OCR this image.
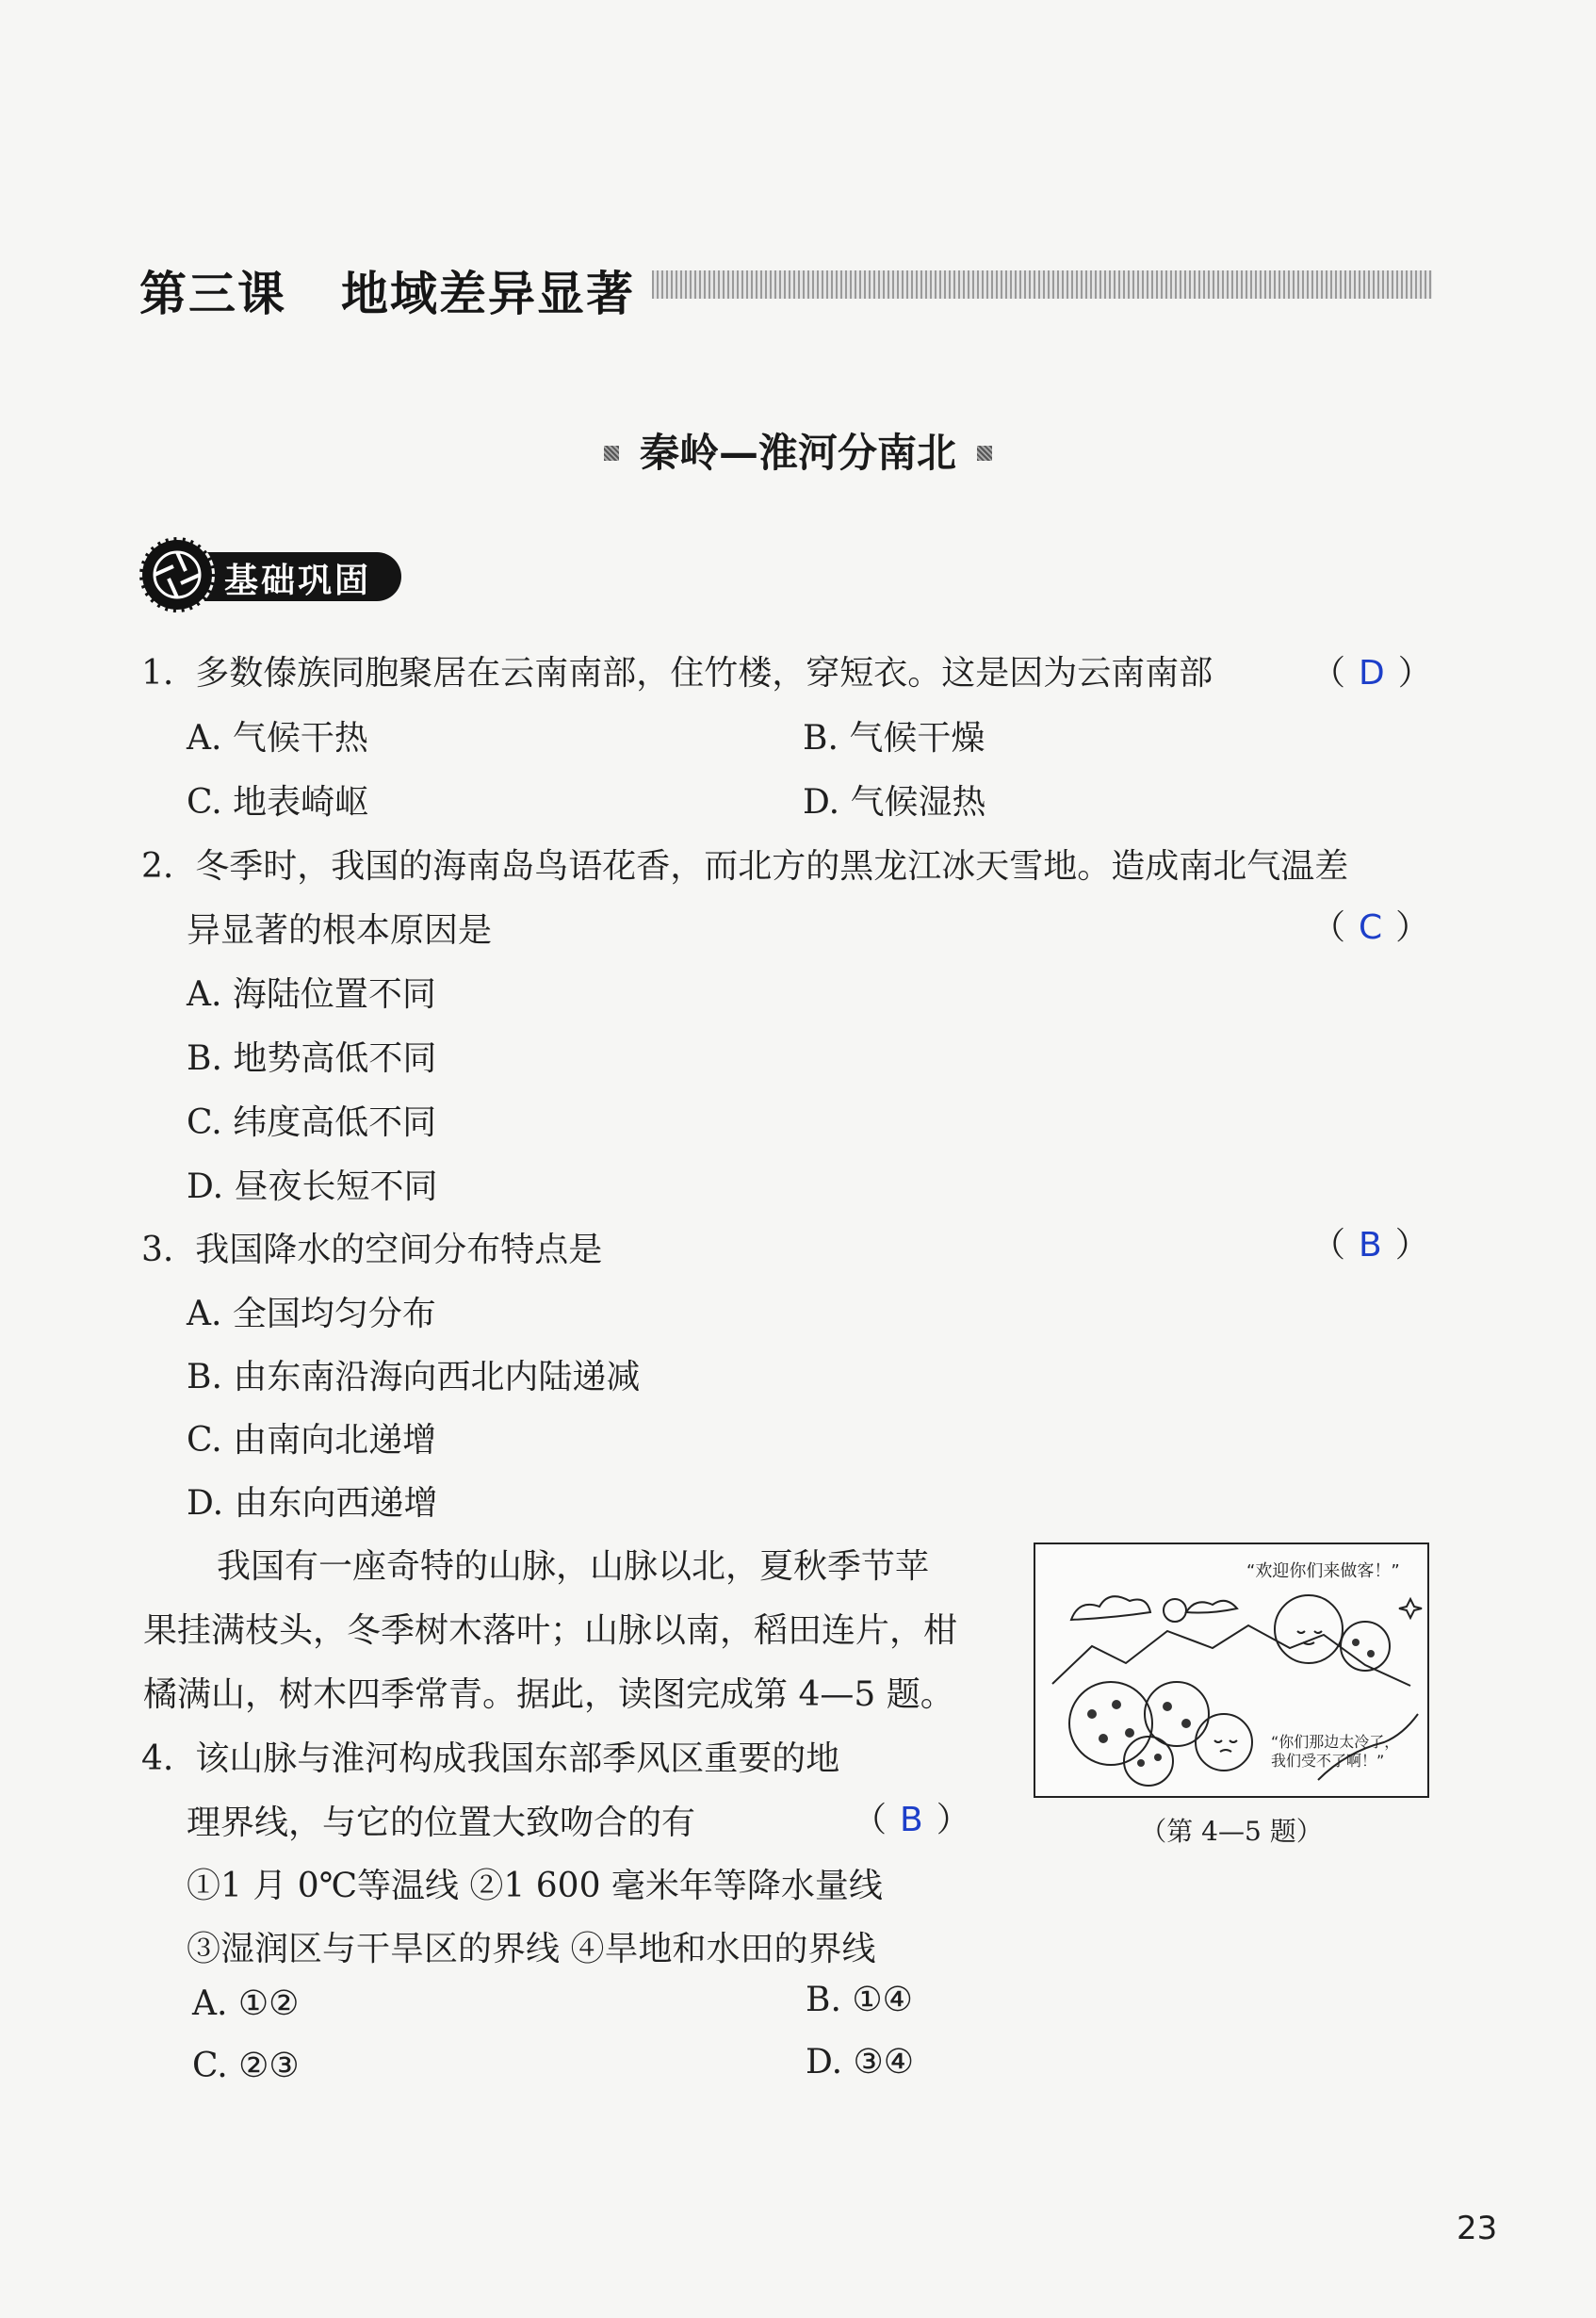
第三课 地域差异显著
秦岭—淮河分南北
基础巩固
1. 多数傣族同胞聚居在云南南部，住竹楼，穿短衣。这是因为云南南部	（ D ）
A. 气候干热	B. 气候干燥
C. 地表崎岖	D. 气候湿热
2. 冬季时，我国的海南岛鸟语花香，而北方的黑龙江冰天雪地。造成南北气温差
异显著的根本原因是	（ C ）
A. 海陆位置不同
B. 地势高低不同
C. 纬度高低不同
D. 昼夜长短不同
3. 我国降水的空间分布特点是	（ B ）
A. 全国均匀分布
B. 由东南沿海向西北内陆递减
C. 由南向北递增
D. 由东向西递增
我国有一座奇特的山脉，山脉以北，夏秋季节苹
果挂满枝头，冬季树木落叶；山脉以南，稻田连片，柑
橘满山，树木四季常青。据此，读图完成第 4—5 题。
4. 该山脉与淮河构成我国东部季风区重要的地
理界线，与它的位置大致吻合的有	（ B ）
①1 月 0℃等温线 ②1 600 毫米年等降水量线
③湿润区与干旱区的界线 ④旱地和水田的界线
A. ①②	B. ①④
C. ②③	D. ③④
“欢迎你们来做客！”
“你们那边太冷了，
我们受不了啊！”
（第 4—5 题）
23
